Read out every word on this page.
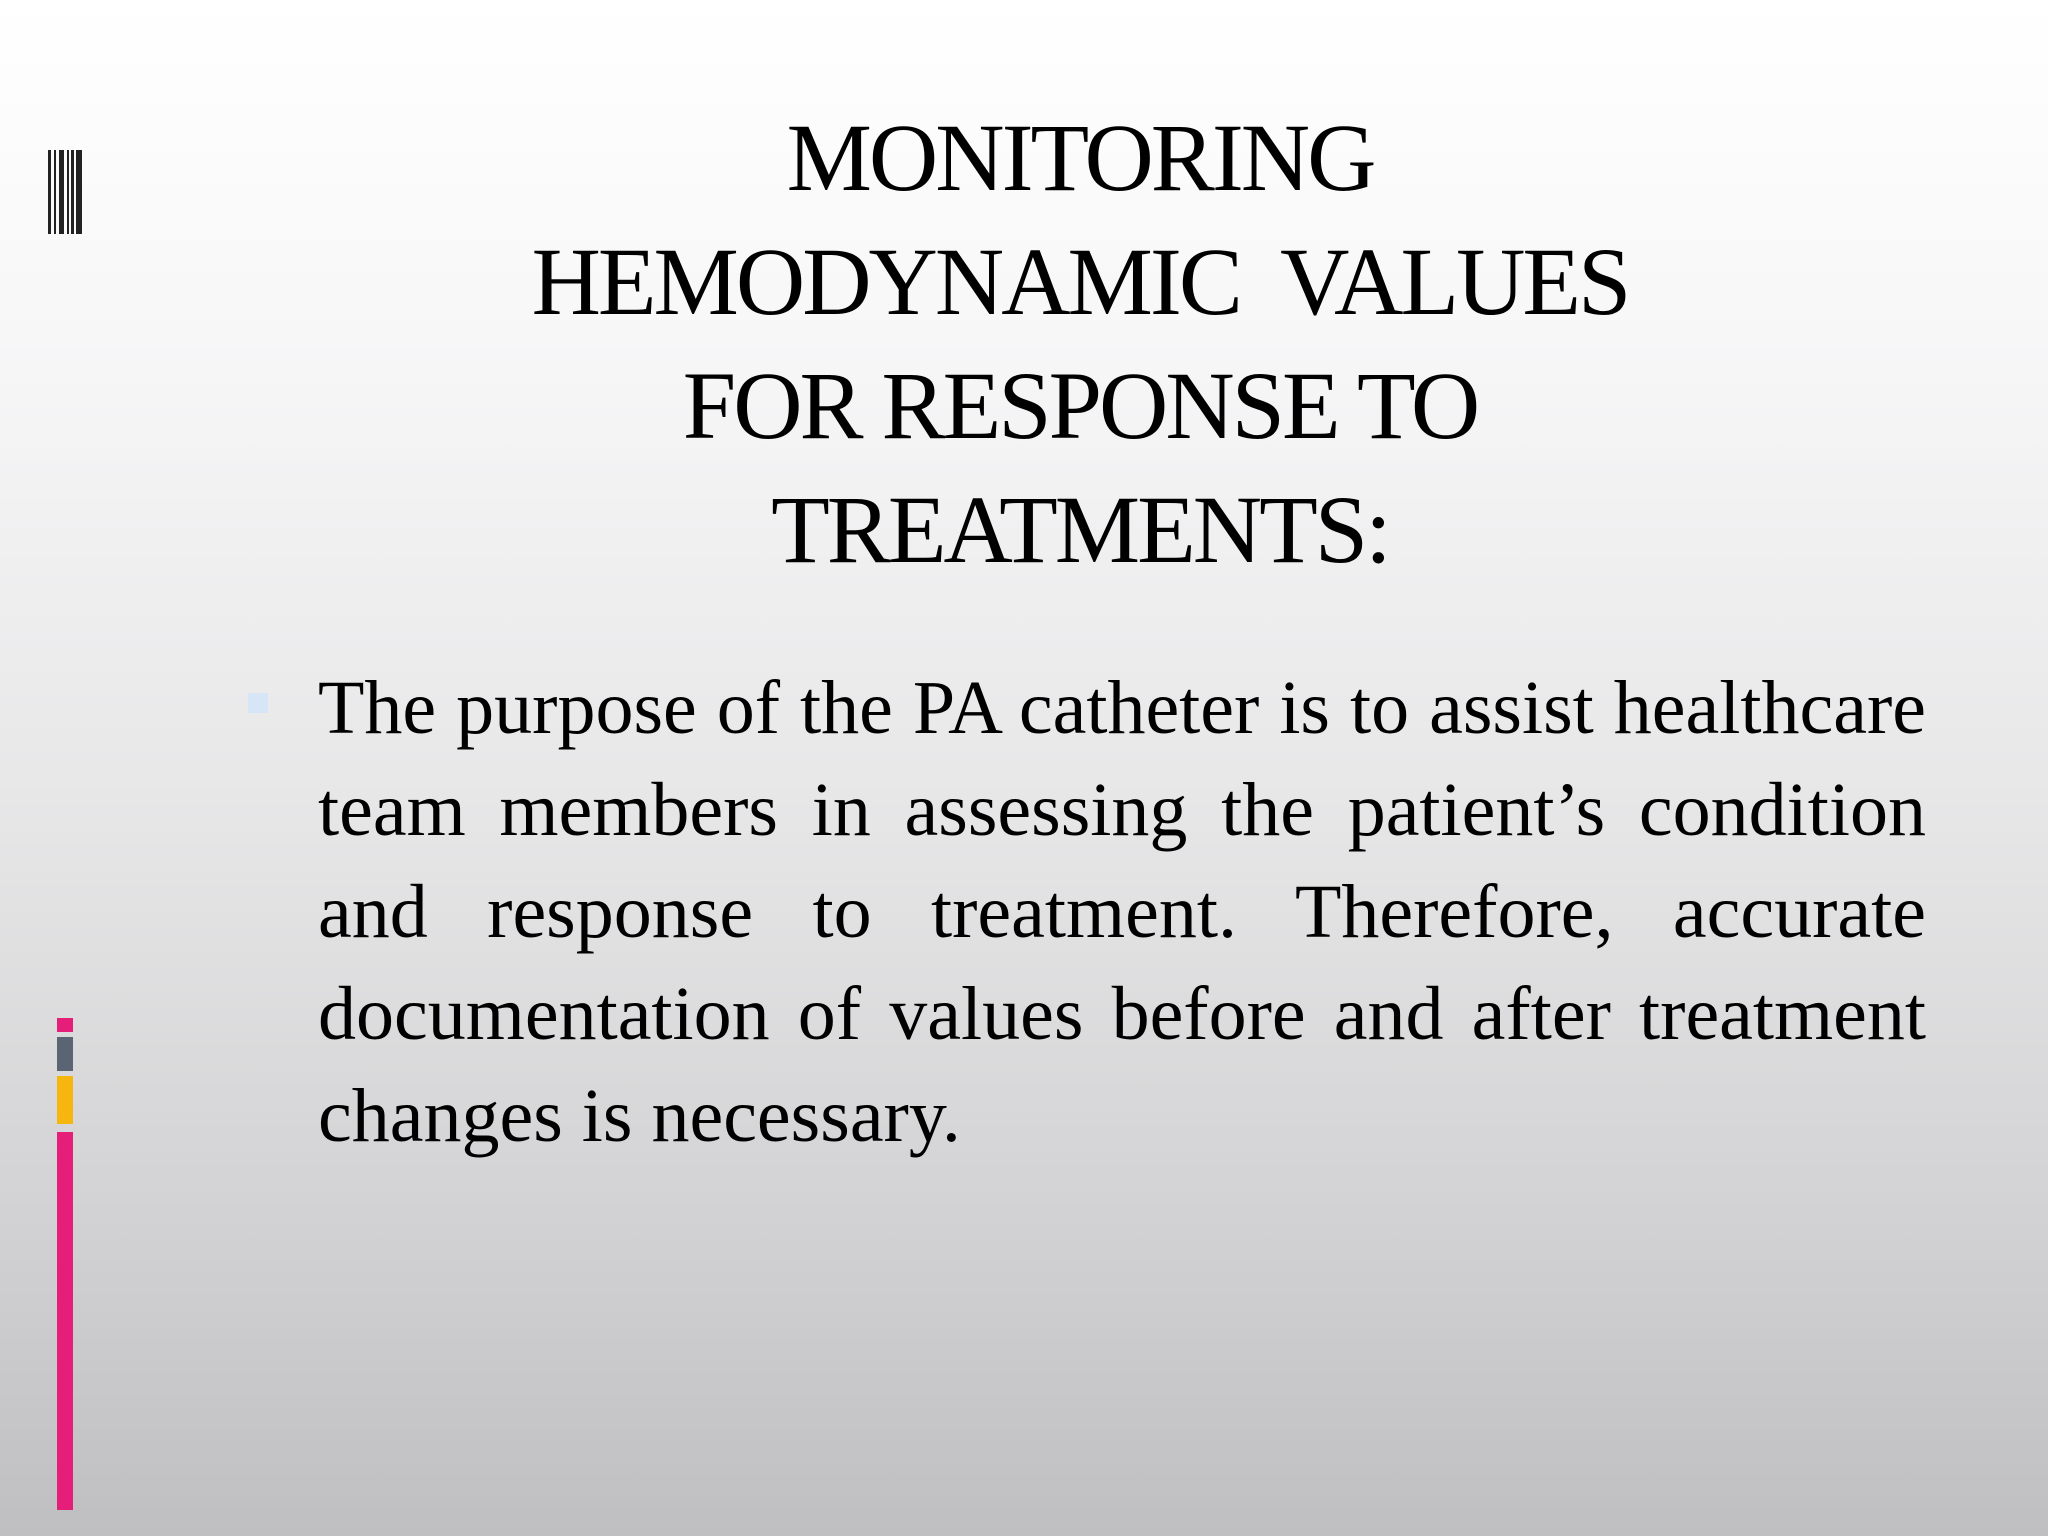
MONITORING
HEMODYNAMIC  VALUES
FOR RESPONSE TO
TREATMENTS:

The purpose of the PA catheter is to assist healthcare team members in assessing the patient’s condition and response to treatment. Therefore, accurate documentation of values before and after treatment changes is necessary.
